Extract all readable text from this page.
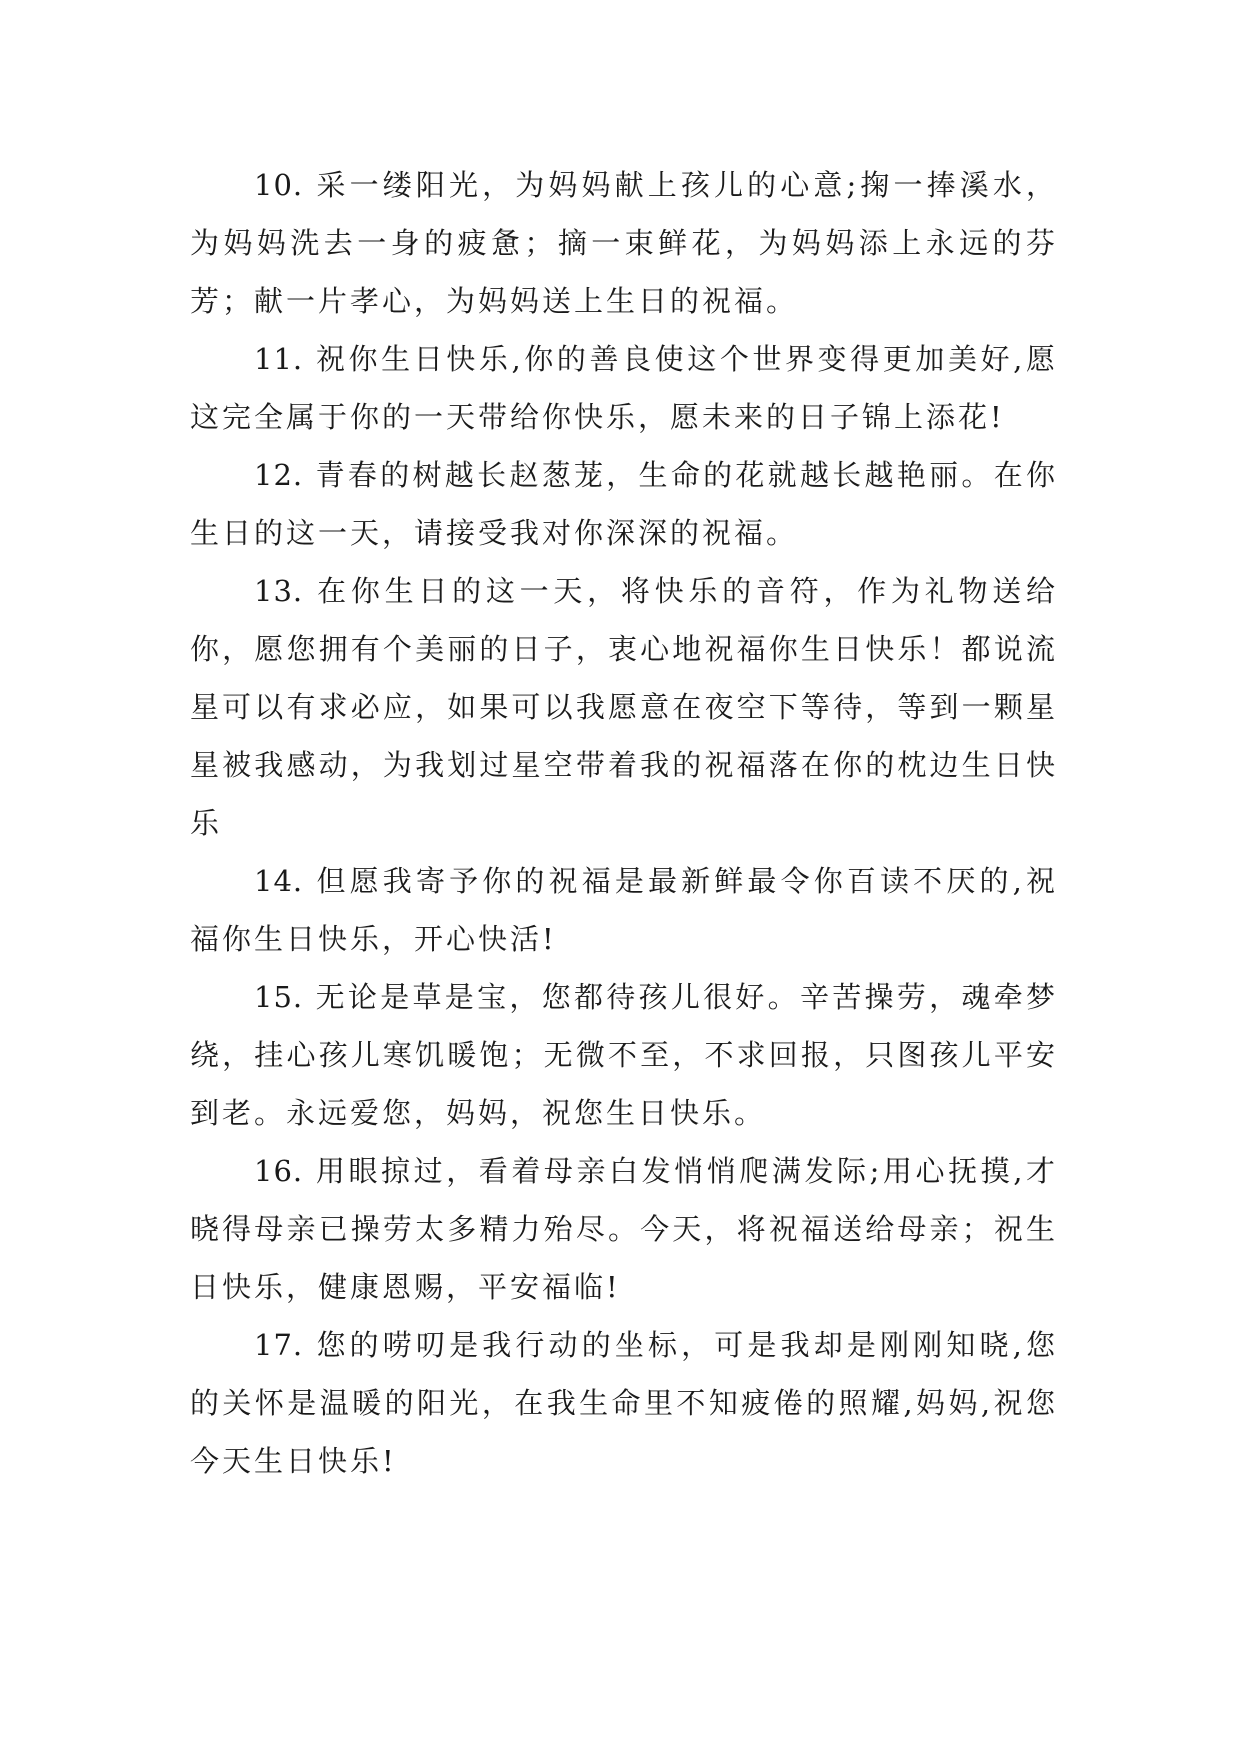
10. 采一缕阳光，为妈妈献上孩儿的心意;掬一捧溪水，为妈妈洗去一身的疲惫；摘一束鲜花，为妈妈添上永远的芬芳；献一片孝心，为妈妈送上生日的祝福。

11. 祝你生日快乐,你的善良使这个世界变得更加美好,愿这完全属于你的一天带给你快乐，愿未来的日子锦上添花!

12. 青春的树越长赵葱茏，生命的花就越长越艳丽。在你生日的这一天，请接受我对你深深的祝福。

13. 在你生日的这一天，将快乐的音符，作为礼物送给你，愿您拥有个美丽的日子，衷心地祝福你生日快乐！都说流星可以有求必应，如果可以我愿意在夜空下等待，等到一颗星星被我感动，为我划过星空带着我的祝福落在你的枕边生日快乐

14. 但愿我寄予你的祝福是最新鲜最令你百读不厌的,祝福你生日快乐，开心快活!

15. 无论是草是宝，您都待孩儿很好。辛苦操劳，魂牵梦绕，挂心孩儿寒饥暖饱；无微不至，不求回报，只图孩儿平安到老。永远爱您，妈妈，祝您生日快乐。

16. 用眼掠过，看着母亲白发悄悄爬满发际;用心抚摸,才晓得母亲已操劳太多精力殆尽。今天，将祝福送给母亲；祝生日快乐，健康恩赐，平安福临!

17. 您的唠叨是我行动的坐标，可是我却是刚刚知晓,您的关怀是温暖的阳光，在我生命里不知疲倦的照耀,妈妈,祝您今天生日快乐!
